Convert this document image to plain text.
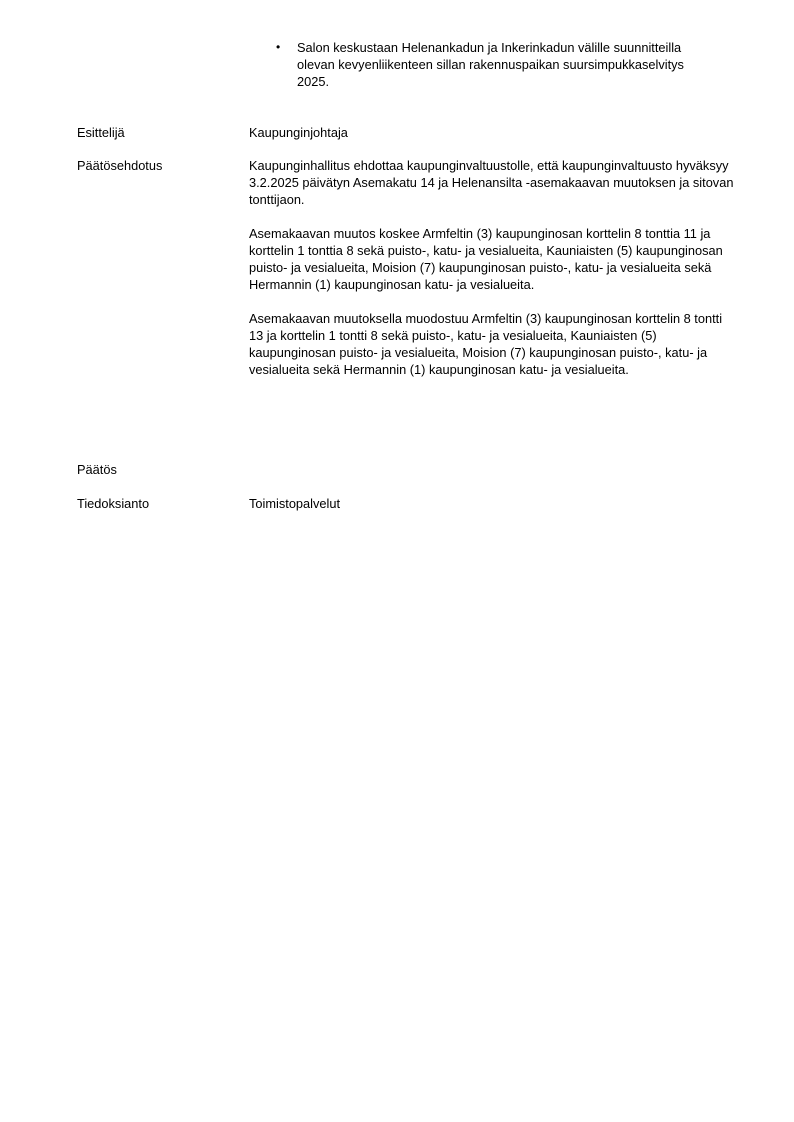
•	Salon keskustaan Helenankadun ja Inkerinkadun välille suunnitteilla olevan kevyenliikenteen sillan rakennuspaikan suursimpukkaselvitys 2025.
Esittelijä	Kaupunginjohtaja
Päätösehdotus	Kaupunginhallitus ehdottaa kaupunginvaltuustolle, että kaupunginvaltuusto hyväksyy 3.2.2025 päivätyn Asemakatu 14 ja Helenansilta -asemakaavan muutoksen ja sitovan tonttijaon.

Asemakaavan muutos koskee Armfeltin (3) kaupunginosan korttelin 8 tonttia 11 ja korttelin 1 tonttia 8 sekä puisto-, katu- ja vesialueita, Kauniaisten (5) kaupunginosan puisto- ja vesialueita, Moision (7) kaupunginosan puisto-, katu- ja vesialueita sekä Hermannin (1) kaupunginosan katu- ja vesialueita.

Asemakaavan muutoksella muodostuu Armfeltin (3) kaupunginosan korttelin 8 tontti 13 ja korttelin 1 tontti 8 sekä puisto-, katu- ja vesialueita, Kauniaisten (5) kaupunginosan puisto- ja vesialueita, Moision (7) kaupunginosan puisto-, katu- ja vesialueita sekä Hermannin (1) kaupunginosan katu- ja vesialueita.

Päätös
Tiedoksianto	Toimistopalvelut
